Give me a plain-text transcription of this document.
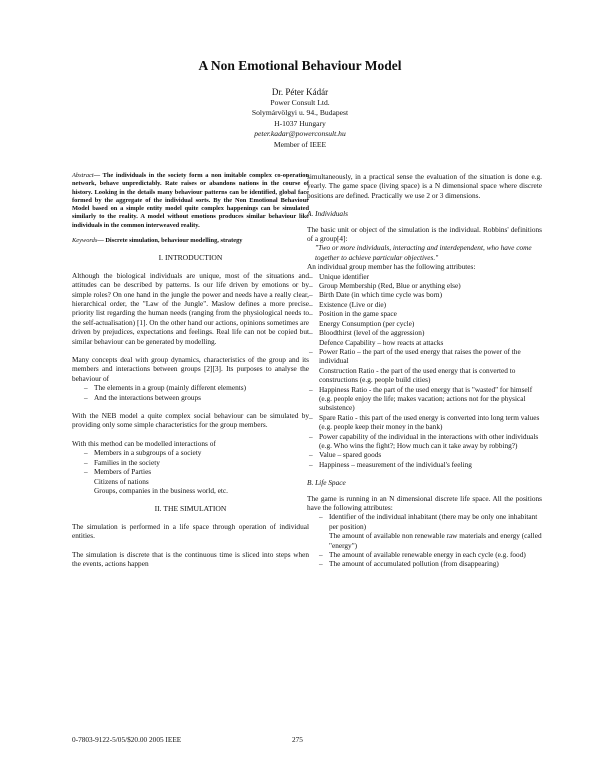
A Non Emotional Behaviour Model
Dr. Péter Kádár
Power Consult Ltd.
Solymárvölgyi u. 94., Budapest
H-1037 Hungary
peter.kadar@powerconsult.hu
Member of IEEE

Abstract— The individuals in the society form a non imitable complex co-operation network, behave unpredictably. Rate raises or abandons nations in the course of history. Looking in the details many behaviour patterns can be identified, global face formed by the aggregate of the individual sorts. By the Non Emotional Behaviour Model based on a simple entity model quite complex happenings can be simulated similarly to the reality. A model without emotions produces similar behaviour like individuals in the common interweaved reality.

Keywords— Discrete simulation, behaviour modelling, strategy

I. INTRODUCTION

Although the biological individuals are unique, most of the situations and attitudes can be described by patterns. Is our life driven by emotions or by simple roles? On one hand in the jungle the power and needs have a really clear, hierarchical order, the "Law of the Jungle". Maslow defines a more precise priority list regarding the human needs (ranging from the physiological needs to the self-actualisation) [1]. On the other hand our actions, opinions sometimes are driven by prejudices, expectations and feelings. Real life can not be copied but similar behaviour can be generated by modelling.

Many concepts deal with group dynamics, characteristics of the group and its members and interactions between groups [2][3]. Its purposes to analyse the behaviour of

– The elements in a group (mainly different elements)
– And the interactions between groups

With the NEB model a quite complex social behaviour can be simulated by providing only some simple characteristics for the group members.

With this method can be modelled interactions of

– Members in a subgroups of a society
– Families in the society
– Members of Parties
Citizens of nations
Groups, companies in the business world, etc.
II. THE SIMULATION

The simulation is performed in a life space through operation of individual entities.

The simulation is discrete that is the continuous time is sliced into steps when the events, actions happen

simultaneously, in a practical sense the evaluation of the situation is done e.g. yearly. The game space (living space) is a N dimensional space where discrete positions are defined. Practically we use 2 or 3 dimensions.

A. Individuals

The basic unit or object of the simulation is the individual. Robbins' definitions of a group[4]:

"Two or more individuals, interacting and interdependent, who have come together to achieve particular objectives."
An individual group member has the following attributes:
– Unique identifier
– Group Membership (Red, Blue or anything else)
– Birth Date (in which time cycle was born)
– Existence (Live or die)
– Position in the game space
Energy Consumption (per cycle)
– Bloodthirst (level of the aggression)
Defence Capability – how reacts at attacks
– Power Ratio – the part of the used energy that raises the power of the individual
Construction Ratio - the part of the used energy that is converted to constructions (e.g. people build cities)
– Happiness Ratio - the part of the used energy that is "wasted" for himself (e.g. people enjoy the life; makes vacation; actions not for the physical subsistence)
– Spare Ratio - this part of the used energy is converted into long term values (e.g. people keep their money in the bank)
– Power capability of the individual in the interactions with other individuals (e.g. Who wins the fight?; How much can it take away by robbing?)
– Value – spared goods
– Happiness – measurement of the individual's feeling
B. Life Space

The game is running in an N dimensional discrete life space. All the positions have the following attributes:

– Identifier of the individual inhabitant (there may be only one inhabitant per position)
The amount of available non renewable raw materials and energy (called "energy")
– The amount of available renewable energy in each cycle (e.g. food)
– The amount of accumulated pollution (from disappearing)
0-7803-9122-5/05/$20.00 2005 IEEE	275
